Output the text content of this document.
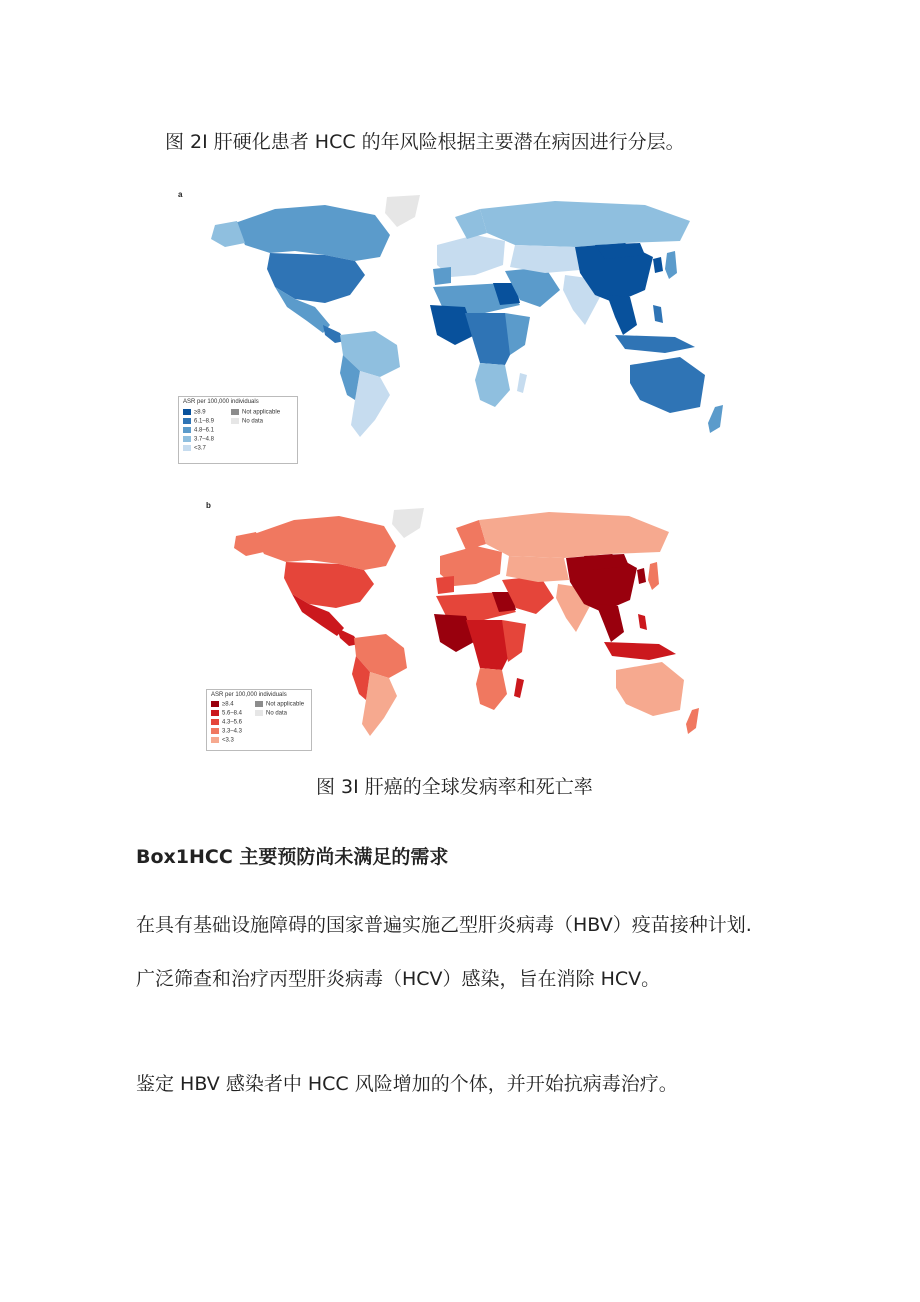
图 2I 肝硬化患者 HCC 的年风险根据主要潜在病因进行分层。
a
ASR per 100,000 individuals
≥8.9
6.1–8.9
4.8–6.1
3.7–4.8
<3.7
Not applicable
No data
b
ASR per 100,000 individuals
≥8.4
5.6–8.4
4.3–5.6
3.3–4.3
<3.3
Not applicable
No data
图 3I 肝癌的全球发病率和死亡率
Box1HCC 主要预防尚未满足的需求
在具有基础设施障碍的国家普遍实施乙型肝炎病毒（HBV）疫苗接种计划.
广泛筛查和治疗丙型肝炎病毒（HCV）感染，旨在消除 HCV。
鉴定 HBV 感染者中 HCC 风险增加的个体，并开始抗病毒治疗。
